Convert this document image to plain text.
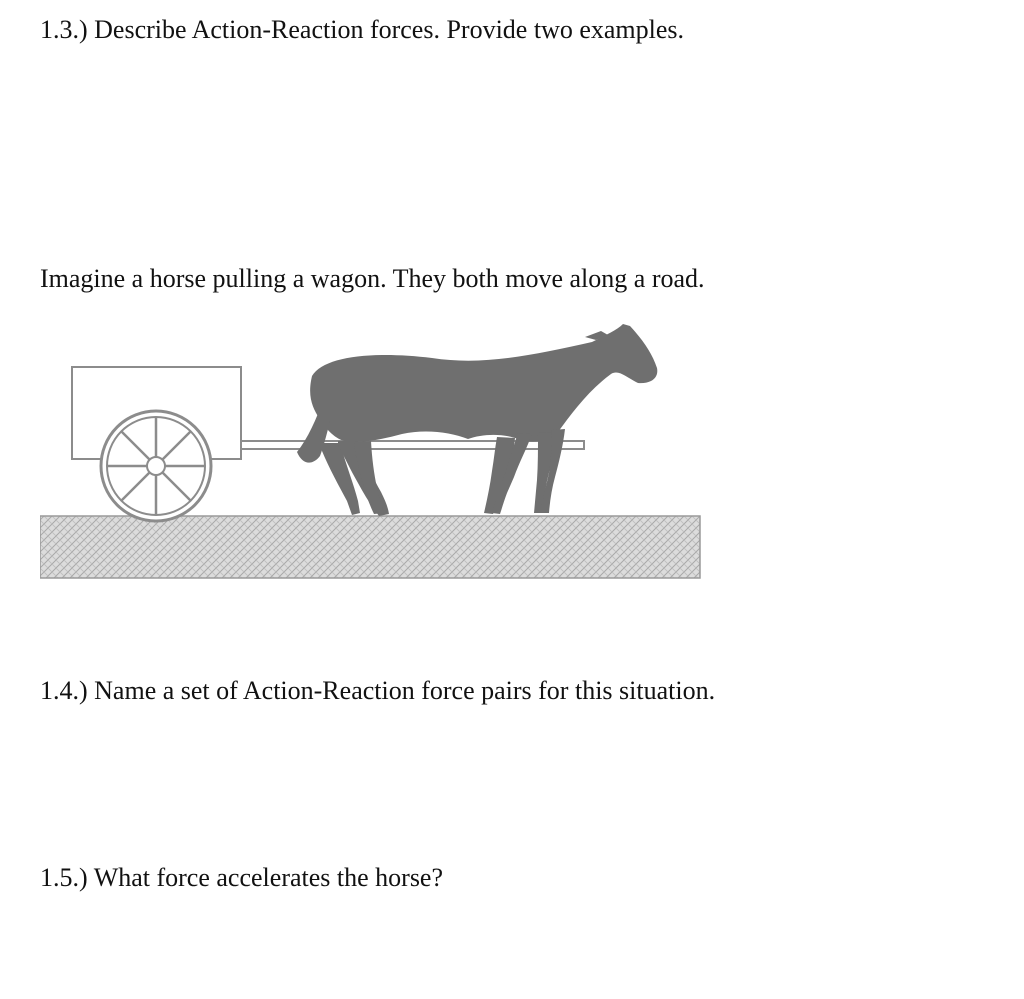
1.3.) Describe Action-Reaction forces. Provide two examples.

Imagine a horse pulling a wagon. They both move along a road.

1.4.) Name a set of Action-Reaction force pairs for this situation.

1.5.) What force accelerates the horse?
